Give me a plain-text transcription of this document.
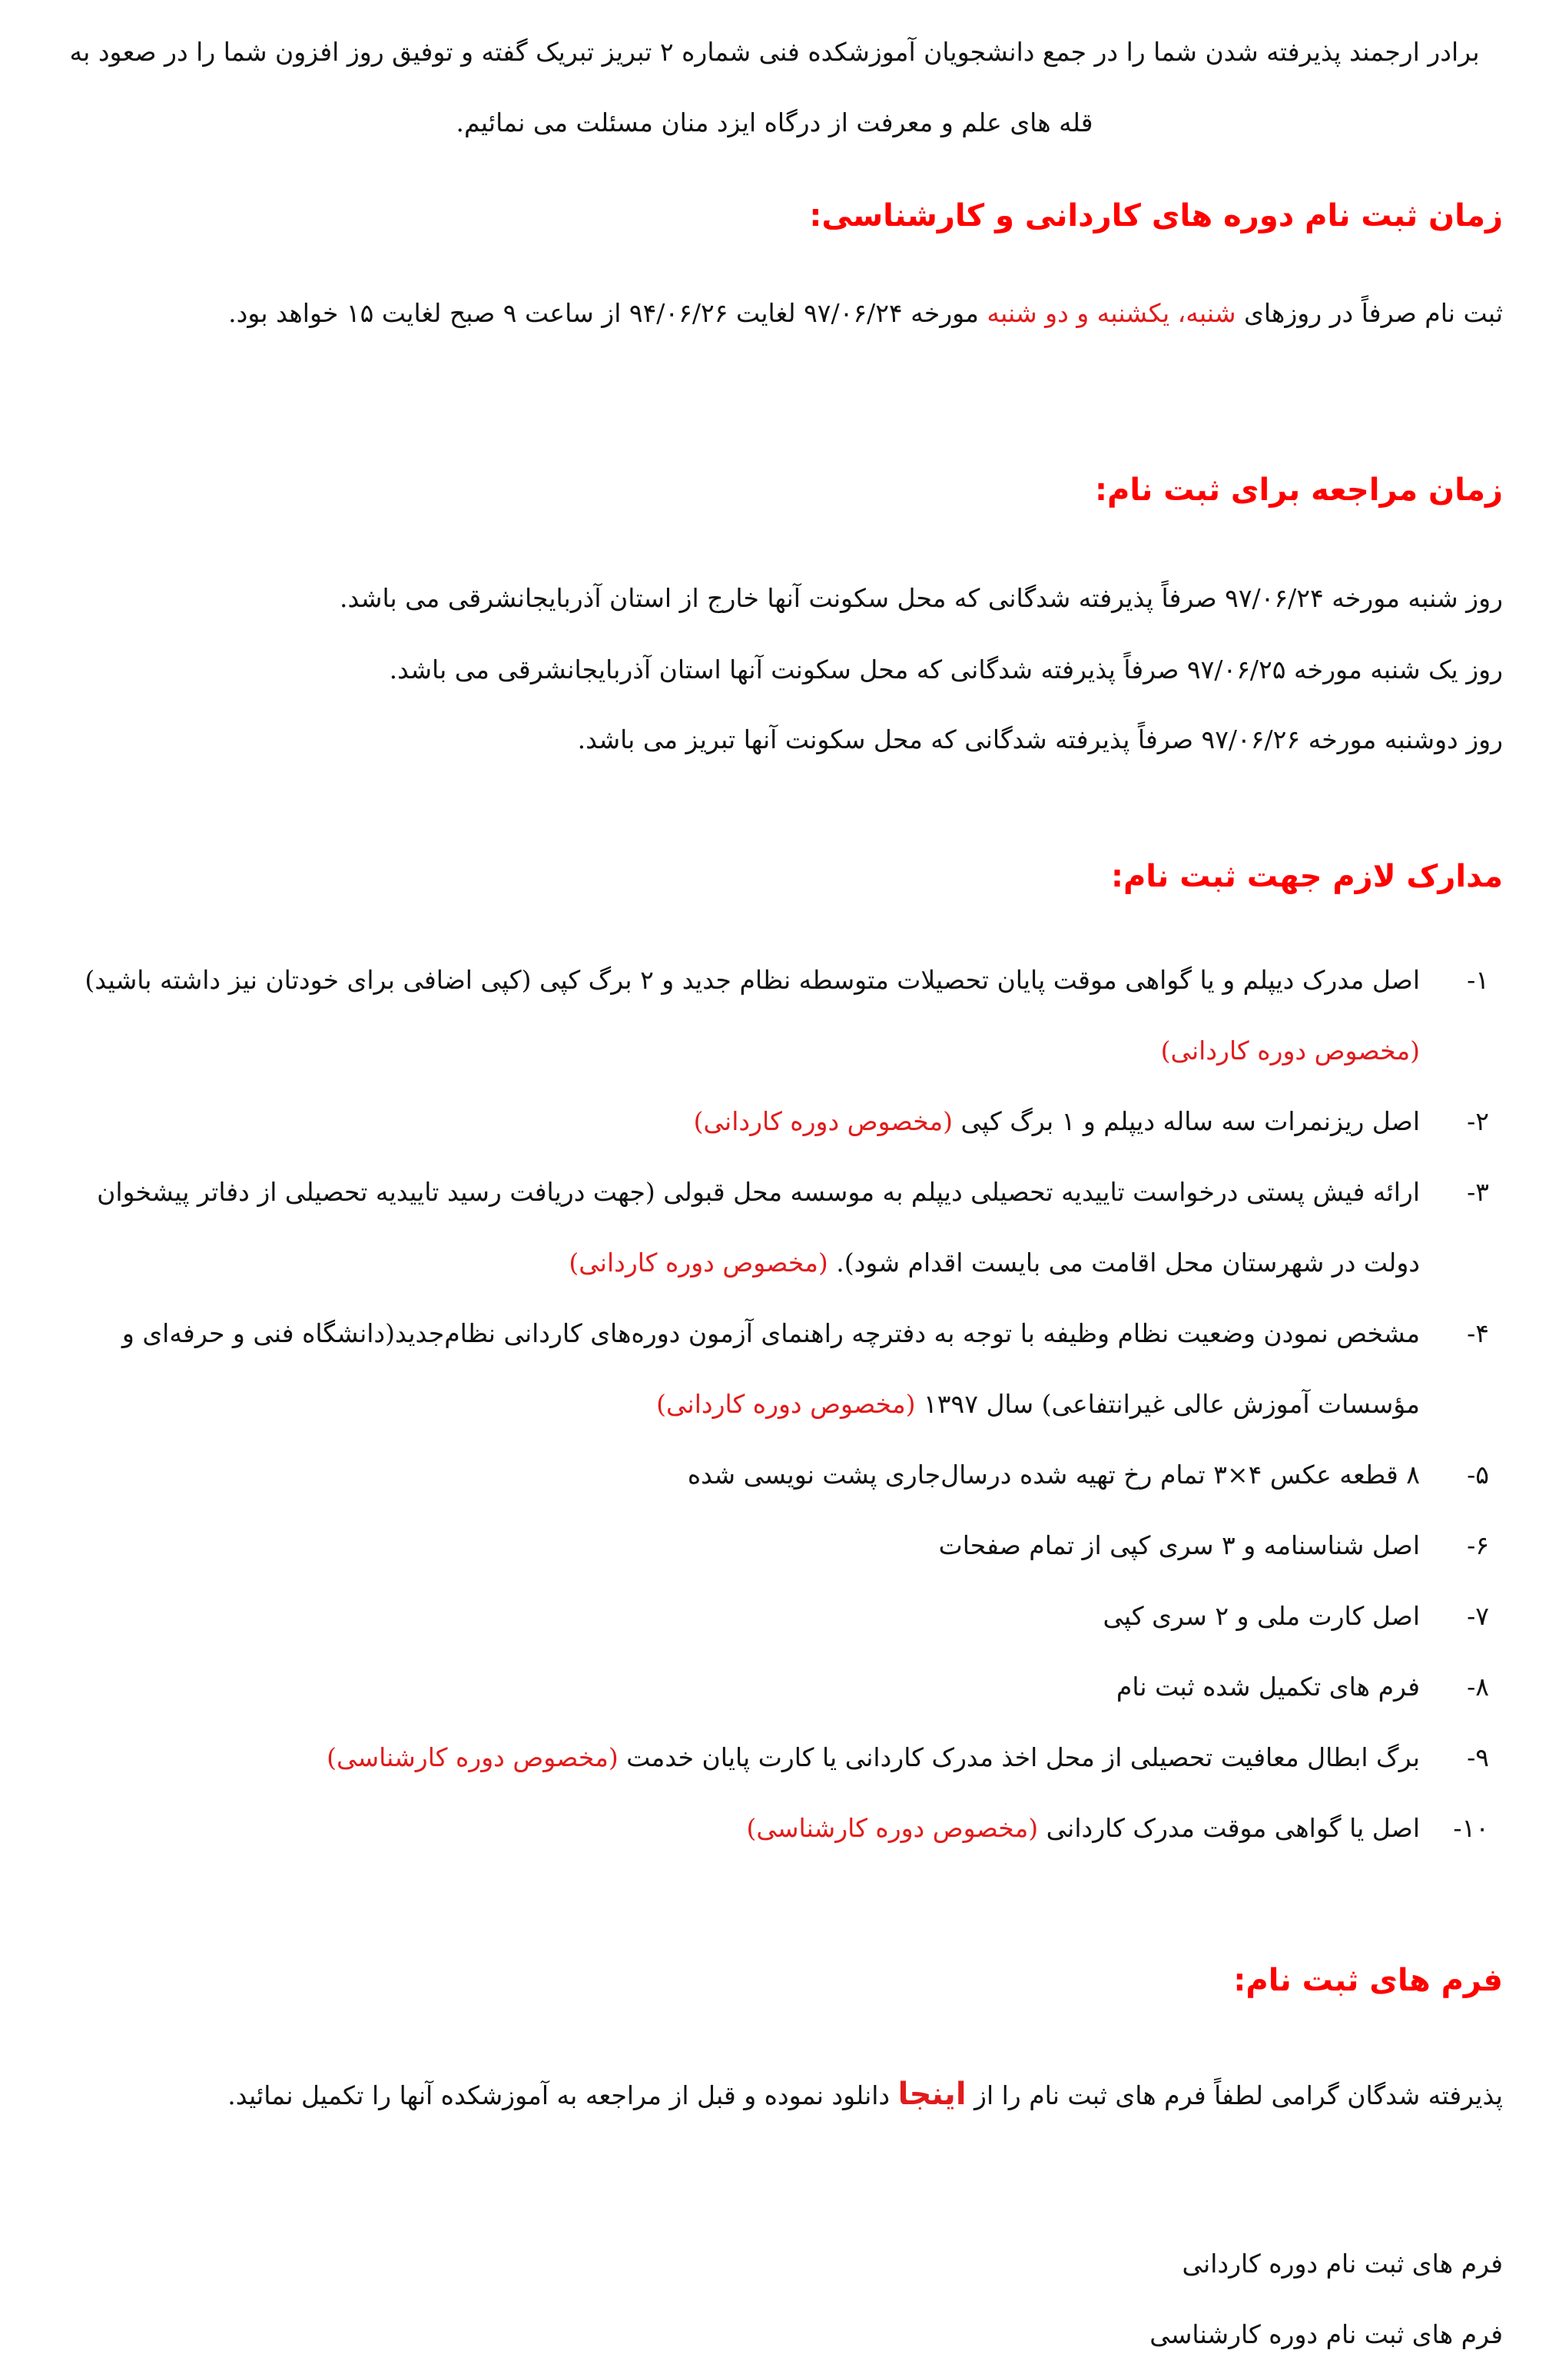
برادر ارجمند پذیرفته شدن شما را در جمع دانشجویان آموزشکده فنی شماره ۲ تبریز تبریک گفته و توفیق روز افزون شما را در صعود به قله های علم و معرفت از درگاه ایزد منان مسئلت می نمائیم.

زمان ثبت نام دوره های کاردانی و کارشناسی:

ثبت نام صرفاً در روزهای شنبه، یکشنبه و دو شنبه مورخه ۹۷/۰۶/۲۴ لغایت ۹۴/۰۶/۲۶ از ساعت ۹ صبح لغایت ۱۵ خواهد بود.

زمان مراجعه برای ثبت نام:
روز شنبه مورخه ۹۷/۰۶/۲۴ صرفاً پذیرفته شدگانی که محل سکونت آنها خارج از استان آذربایجانشرقی می باشد.
روز یک شنبه مورخه ۹۷/۰۶/۲۵ صرفاً پذیرفته شدگانی که محل سکونت آنها استان آذربایجانشرقی می باشد.
روز دوشنبه مورخه ۹۷/۰۶/۲۶ صرفاً پذیرفته شدگانی که محل سکونت آنها تبریز می باشد.
مدارک لازم جهت ثبت نام:
۱-
اصل مدرک دیپلم و یا گواهی موقت پایان تحصیلات متوسطه نظام جدید و ۲ برگ کپی (کپی اضافی برای خودتان نیز داشته باشید) (مخصوص دوره کاردانی)
۲-
اصل ریزنمرات سه ساله دیپلم و ۱ برگ کپی (مخصوص دوره کاردانی)
۳-
ارائه فیش پستی درخواست تاییدیه تحصیلی دیپلم به موسسه محل قبولی (جهت دریافت رسید تاییدیه تحصیلی از دفاتر پیشخوان دولت در شهرستان محل اقامت می بایست اقدام شود). (مخصوص دوره کاردانی)
۴-
مشخص نمودن وضعیت نظام وظیفه با توجه به دفترچه راهنمای آزمون دوره‌های کاردانی نظام‌جدید(دانشگاه فنی و حرفه‌ای و مؤسسات آموزش عالی غیرانتفاعی) سال ۱۳۹۷ (مخصوص دوره کاردانی)
۵-
۸ قطعه عکس ۴×۳ تمام رخ تهیه شده درسال‌جاری پشت نویسی شده
۶-
اصل شناسنامه و ۳ سری کپی از تمام صفحات
۷-
اصل کارت ملی و ۲ سری کپی
۸-
فرم های تکمیل شده ثبت نام
۹-
برگ ابطال معافیت تحصیلی از محل اخذ مدرک کاردانی یا کارت پایان خدمت (مخصوص دوره کارشناسی)
۱۰-
اصل یا گواهی موقت مدرک کاردانی (مخصوص دوره کارشناسی)
فرم های ثبت نام:

پذیرفته شدگان گرامی لطفاً فرم های ثبت نام را از اینجا دانلود نموده و قبل از مراجعه به آموزشکده آنها را تکمیل نمائید.

فرم های ثبت نام دوره کاردانی
فرم های ثبت نام دوره کارشناسی
